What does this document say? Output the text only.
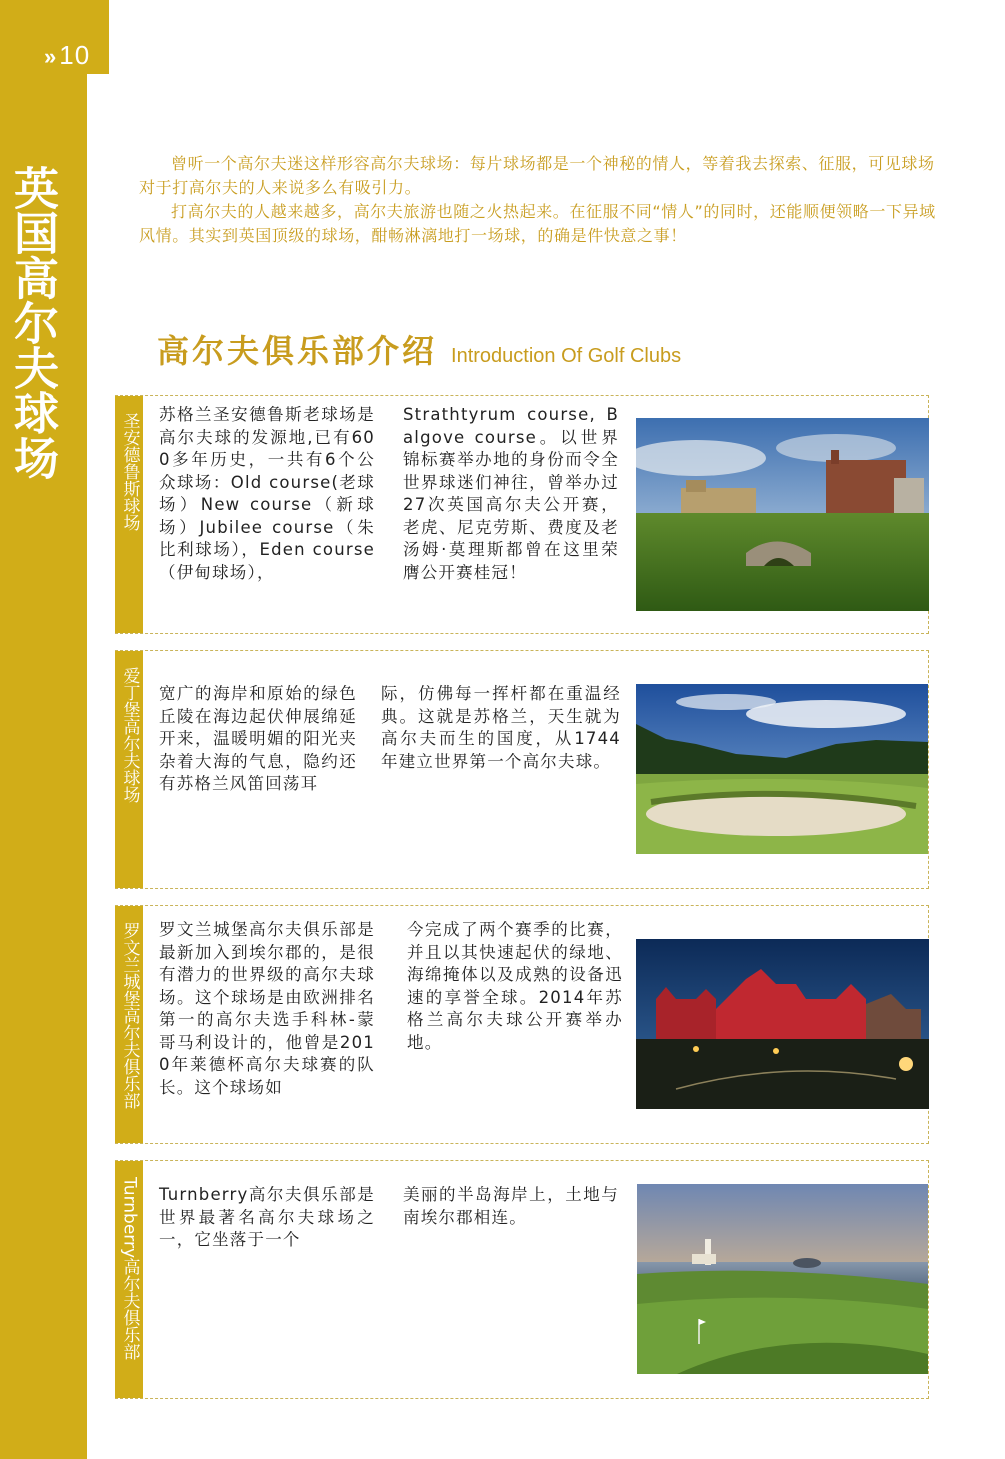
»10
英国高尔夫球场

曾听一个高尔夫迷这样形容高尔夫球场：每片球场都是一个神秘的情人，等着我去探索、征服，可见球场对于打高尔夫的人来说多么有吸引力。

打高尔夫的人越来越多，高尔夫旅游也随之火热起来。在征服不同“情人”的同时，还能顺便领略一下异域风情。其实到英国顶级的球场，酣畅淋漓地打一场球，的确是件快意之事！

高尔夫俱乐部介绍 Introduction Of Golf Clubs
圣安德鲁斯球场 苏格兰圣安德鲁斯老球场是高尔夫球的发源地,已有600多年历史，一共有6个公众球场：Old course(老球场）New course（新球场）Jubilee course（朱比利球场），Eden course（伊甸球场），
Strathtyrum course, Balgove course。以世界锦标赛举办地的身份而令全世界球迷们神往，曾举办过27次英国高尔夫公开赛，老虎、尼克劳斯、费度及老汤姆·莫理斯都曾在这里荣膺公开赛桂冠！
爱丁堡高尔夫球场 宽广的海岸和原始的绿色丘陵在海边起伏伸展绵延开来，温暖明媚的阳光夹杂着大海的气息，隐约还有苏格兰风笛回荡耳
际，仿佛每一挥杆都在重温经典。这就是苏格兰，天生就为高尔夫而生的国度，从1744年建立世界第一个高尔夫球。
罗文兰城堡高尔夫俱乐部 罗文兰城堡高尔夫俱乐部是最新加入到埃尔郡的，是很有潜力的世界级的高尔夫球场。这个球场是由欧洲排名第一的高尔夫选手科林-蒙哥马利设计的，他曾是2010年莱德杯高尔夫球赛的队长。这个球场如
今完成了两个赛季的比赛，并且以其快速起伏的绿地、海绵掩体以及成熟的设备迅速的享誉全球。2014年苏格兰高尔夫球公开赛举办地。
Turnberry高尔夫俱乐部 Turnberry高尔夫俱乐部是世界最著名高尔夫球场之一，它坐落于一个
美丽的半岛海岸上，土地与南埃尔郡相连。
